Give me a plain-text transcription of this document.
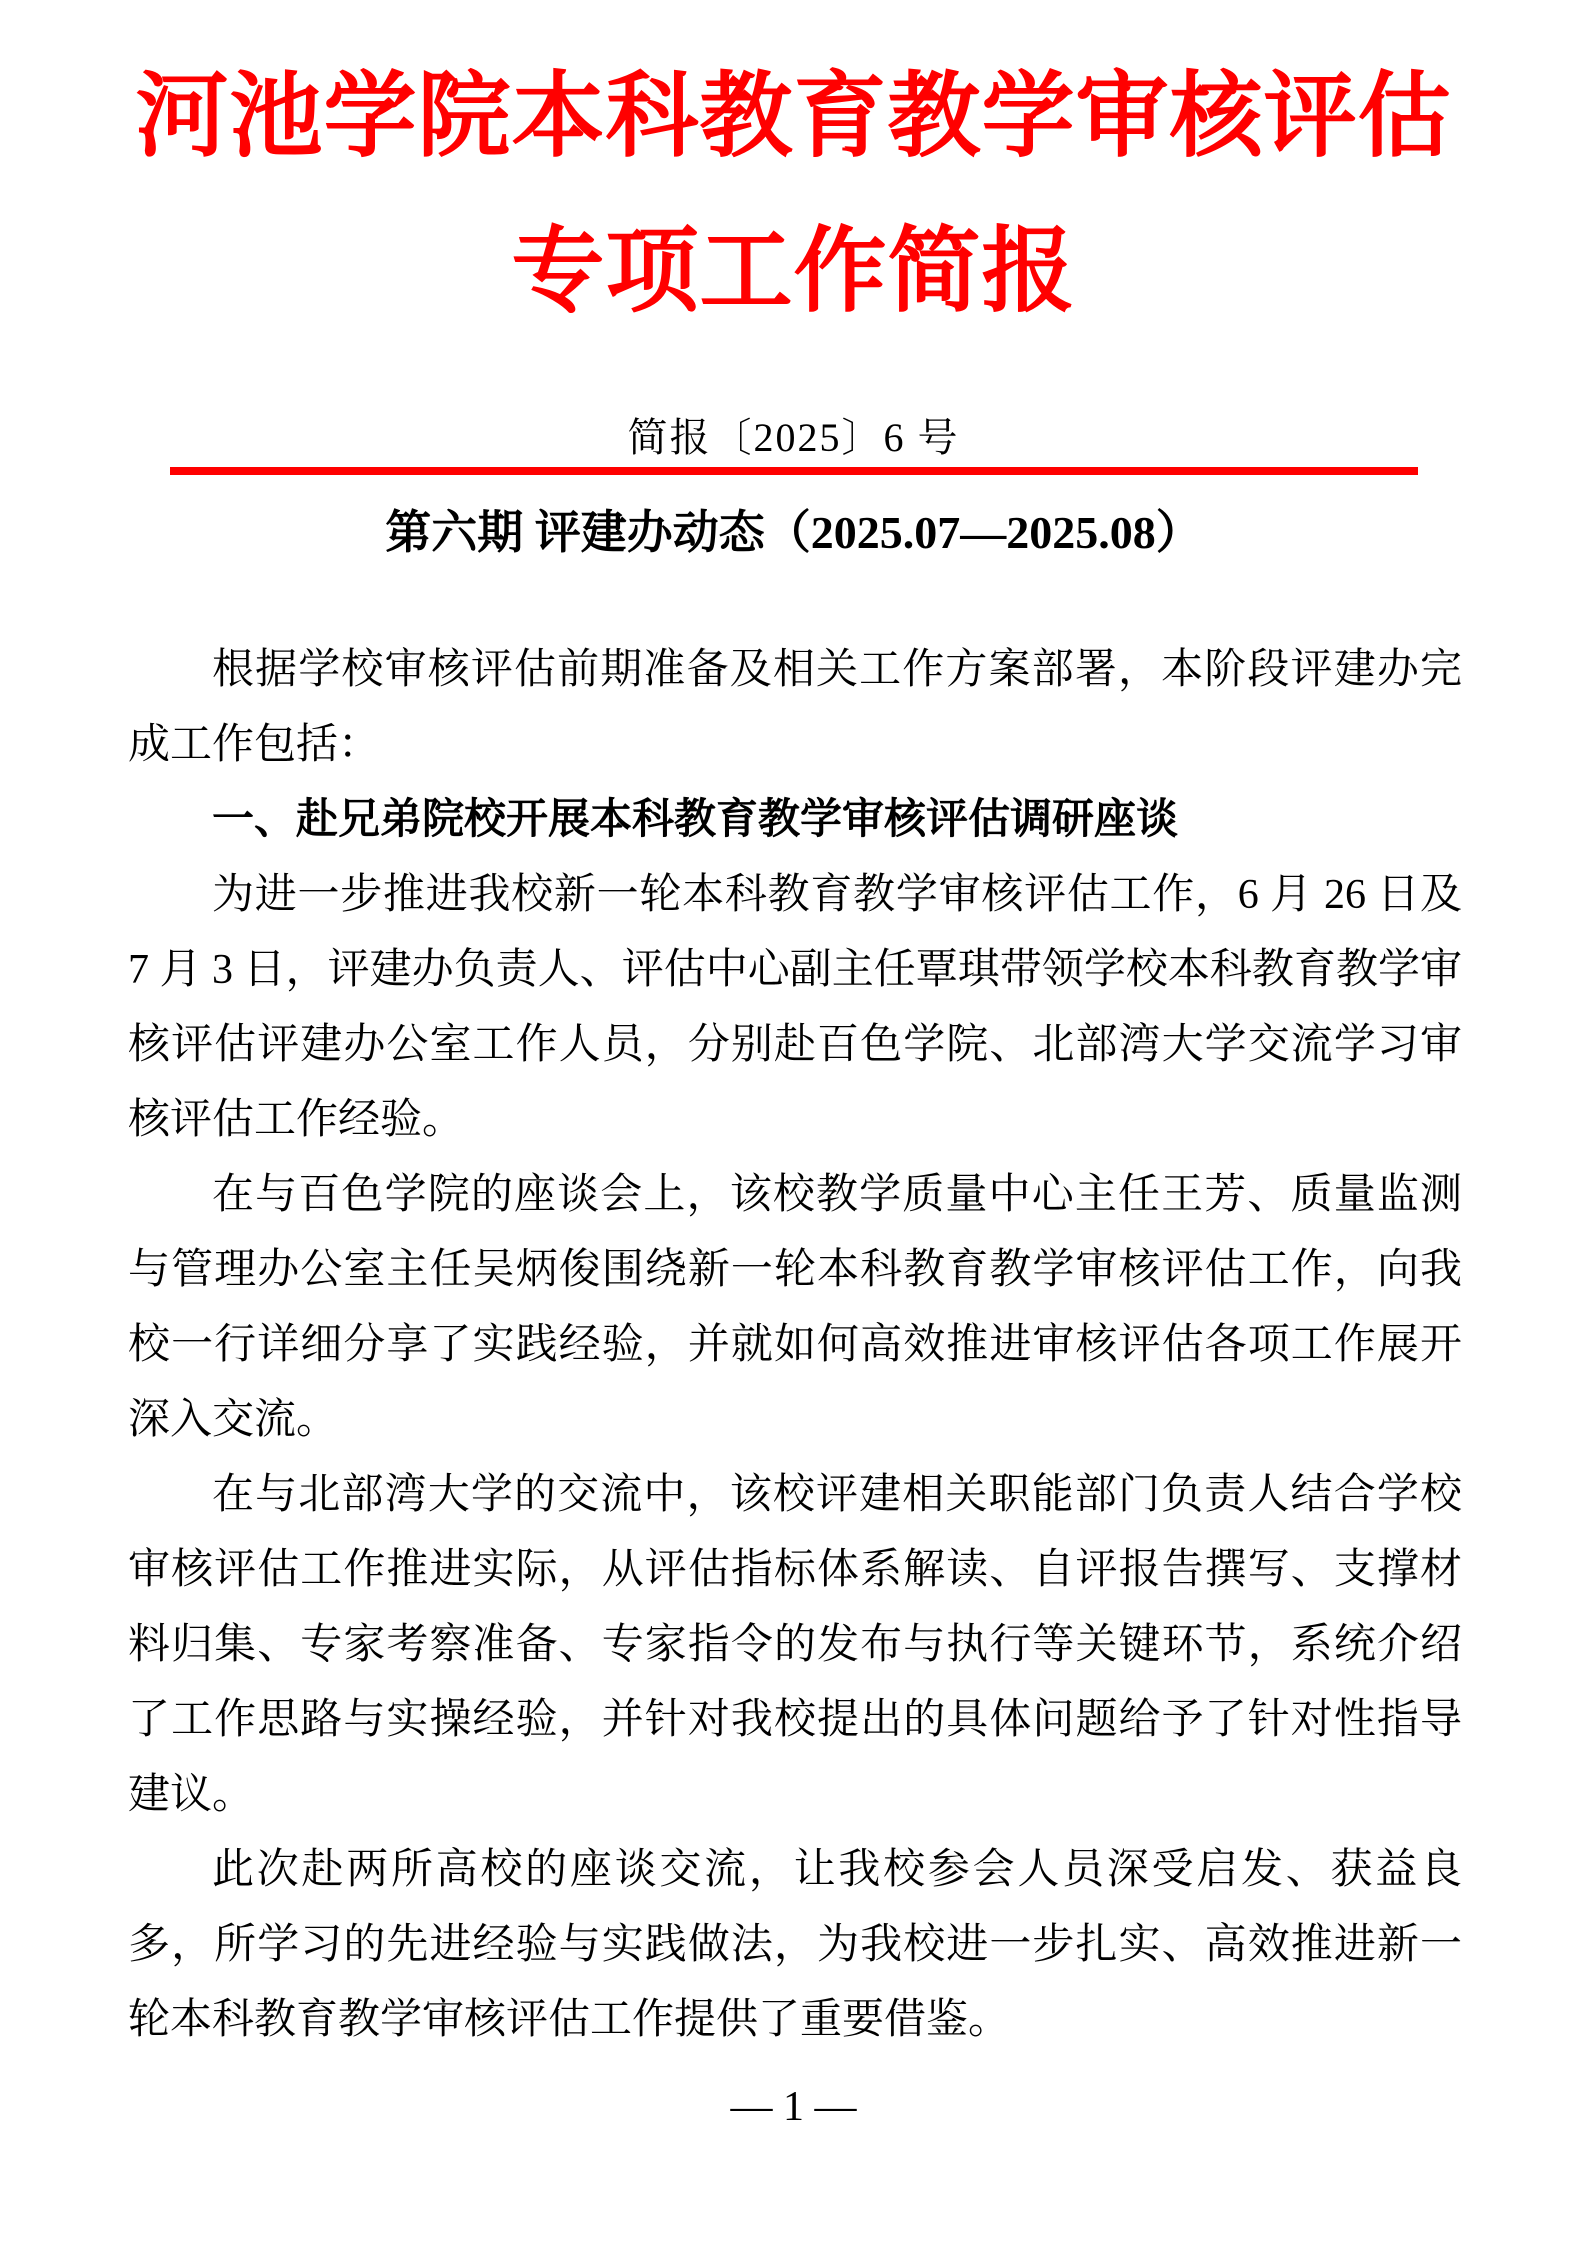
河池学院本科教育教学审核评估
专项工作简报
简报〔2025〕6 号
第六期 评建办动态（2025.07—2025.08）

根据学校审核评估前期准备及相关工作方案部署，本阶段评建办完成工作包括：

一、赴兄弟院校开展本科教育教学审核评估调研座谈

为进一步推进我校新一轮本科教育教学审核评估工作，6 月 26 日及 7 月 3 日，评建办负责人、评估中心副主任覃琪带领学校本科教育教学审核评估评建办公室工作人员，分别赴百色学院、北部湾大学交流学习审核评估工作经验。

在与百色学院的座谈会上，该校教学质量中心主任王芳、质量监测与管理办公室主任吴炳俊围绕新一轮本科教育教学审核评估工作，向我校一行详细分享了实践经验，并就如何高效推进审核评估各项工作展开深入交流。

在与北部湾大学的交流中，该校评建相关职能部门负责人结合学校审核评估工作推进实际，从评估指标体系解读、自评报告撰写、支撑材料归集、专家考察准备、专家指令的发布与执行等关键环节，系统介绍了工作思路与实操经验，并针对我校提出的具体问题给予了针对性指导建议。

此次赴两所高校的座谈交流，让我校参会人员深受启发、获益良多，所学习的先进经验与实践做法，为我校进一步扎实、高效推进新一轮本科教育教学审核评估工作提供了重要借鉴。

— 1 —
